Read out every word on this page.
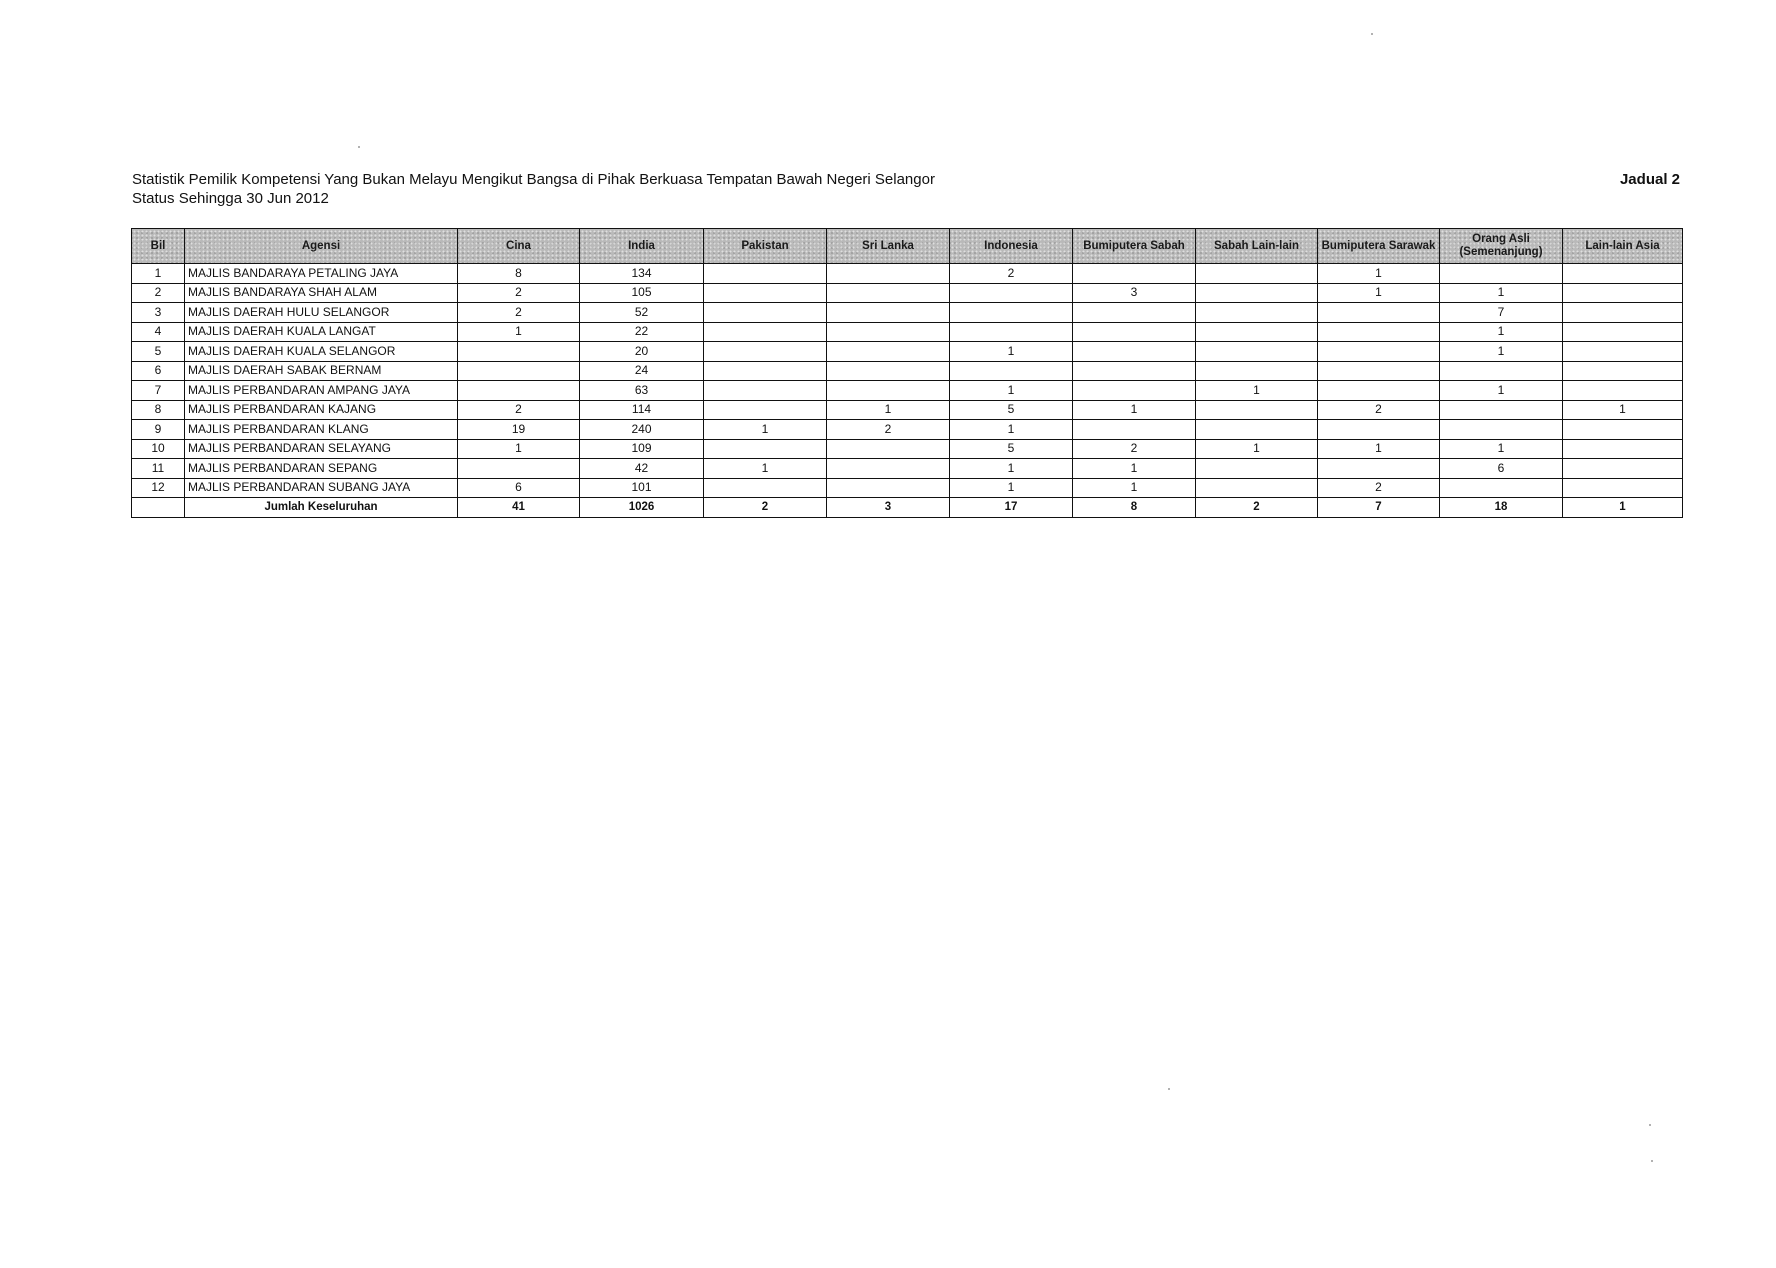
Statistik Pemilik Kompetensi Yang Bukan Melayu Mengikut Bangsa di Pihak Berkuasa Tempatan Bawah Negeri Selangor
Status Sehingga 30 Jun 2012
Jadual 2
Bil	Agensi	Cina	India	Pakistan	Sri Lanka	Indonesia	Bumiputera Sabah	Sabah Lain-lain	Bumiputera Sarawak	Orang Asli (Semenanjung)	Lain-lain Asia
1	MAJLIS BANDARAYA PETALING JAYA	8	134			2			1		
2	MAJLIS BANDARAYA SHAH ALAM	2	105				3		1	1	
3	MAJLIS DAERAH HULU SELANGOR	2	52							7	
4	MAJLIS DAERAH KUALA LANGAT	1	22							1	
5	MAJLIS DAERAH KUALA SELANGOR		20			1				1	
6	MAJLIS DAERAH SABAK BERNAM		24								
7	MAJLIS PERBANDARAN AMPANG JAYA		63			1		1		1	
8	MAJLIS PERBANDARAN KAJANG	2	114		1	5	1		2		1
9	MAJLIS PERBANDARAN KLANG	19	240	1	2	1					
10	MAJLIS PERBANDARAN SELAYANG	1	109			5	2	1	1	1	
11	MAJLIS PERBANDARAN SEPANG		42	1		1	1			6	
12	MAJLIS PERBANDARAN SUBANG JAYA	6	101			1	1		2		
	Jumlah Keseluruhan	41	1026	2	3	17	8	2	7	18	1
